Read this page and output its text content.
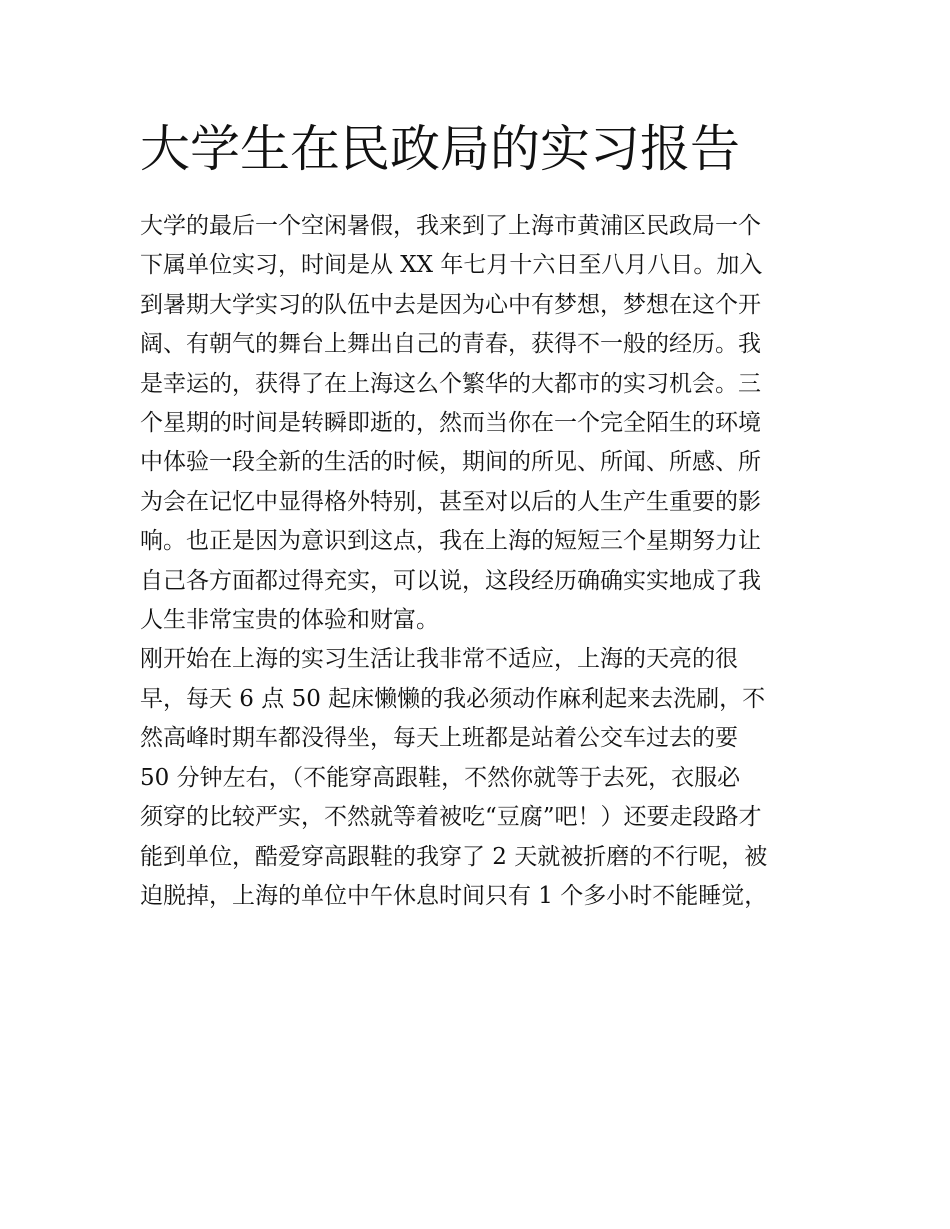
大学生在民政局的实习报告
大学的最后一个空闲暑假，我来到了上海市黄浦区民政局一个
下属单位实习，时间是从 XX 年七月十六日至八月八日。加入
到暑期大学实习的队伍中去是因为心中有梦想，梦想在这个开
阔、有朝气的舞台上舞出自己的青春，获得不一般的经历。我
是幸运的，获得了在上海这么个繁华的大都市的实习机会。三
个星期的时间是转瞬即逝的，然而当你在一个完全陌生的环境
中体验一段全新的生活的时候，期间的所见、所闻、所感、所
为会在记忆中显得格外特别，甚至对以后的人生产生重要的影
响。也正是因为意识到这点，我在上海的短短三个星期努力让
自己各方面都过得充实，可以说，这段经历确确实实地成了我
人生非常宝贵的体验和财富。
刚开始在上海的实习生活让我非常不适应，上海的天亮的很
早，每天 6 点 50 起床懒懒的我必须动作麻利起来去洗刷，不
然高峰时期车都没得坐，每天上班都是站着公交车过去的要
50 分钟左右，（不能穿高跟鞋，不然你就等于去死，衣服必
须穿的比较严实，不然就等着被吃“豆腐”吧！）还要走段路才
能到单位，酷爱穿高跟鞋的我穿了 2 天就被折磨的不行呢，被
迫脱掉，上海的单位中午休息时间只有 1 个多小时不能睡觉，
